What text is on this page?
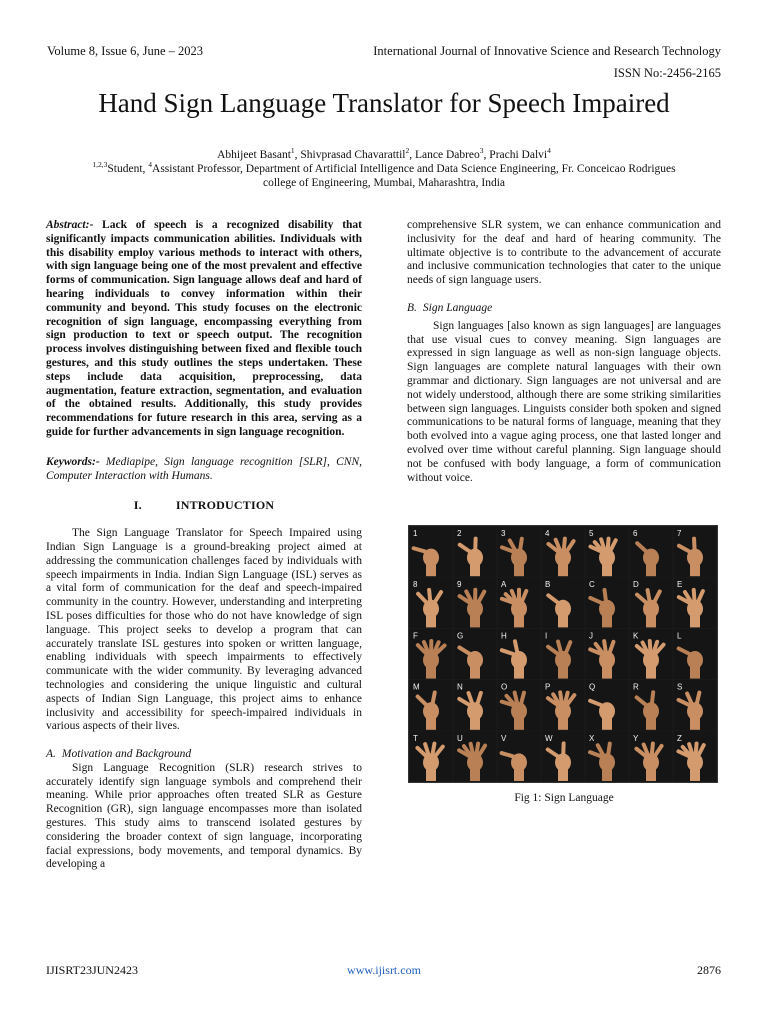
Volume 8, Issue 6, June – 2023	International Journal of Innovative Science and Research Technology
ISSN No:-2456-2165
Hand Sign Language Translator for Speech Impaired
Abhijeet Basant$^1$, Shivprasad Chavarattil$^2$, Lance Dabreo$^3$, Prachi Dalvi$^4$
$^{1,2,3}$Student, $^4$Assistant Professor, Department of Artificial Intelligence and Data Science Engineering, Fr. Conceicao Rodrigues
college of Engineering, Mumbai, Maharashtra, India

Abstract:- Lack of speech is a recognized disability that significantly impacts communication abilities. Individuals with this disability employ various methods to interact with others, with sign language being one of the most prevalent and effective forms of communication. Sign language allows deaf and hard of hearing individuals to convey information within their community and beyond. This study focuses on the electronic recognition of sign language, encompassing everything from sign production to text or speech output. The recognition process involves distinguishing between fixed and flexible touch gestures, and this study outlines the steps undertaken. These steps include data acquisition, preprocessing, data augmentation, feature extraction, segmentation, and evaluation of the obtained results. Additionally, this study provides recommendations for future research in this area, serving as a guide for further advancements in sign language recognition.

Keywords:- Mediapipe, Sign language recognition [SLR], CNN, Computer Interaction with Humans.

I.	INTRODUCTION

The Sign Language Translator for Speech Impaired using Indian Sign Language is a ground-breaking project aimed at addressing the communication challenges faced by individuals with speech impairments in India. Indian Sign Language (ISL) serves as a vital form of communication for the deaf and speech-impaired community in the country. However, understanding and interpreting ISL poses difficulties for those who do not have knowledge of sign language. This project seeks to develop a program that can accurately translate ISL gestures into spoken or written language, enabling individuals with speech impairments to effectively communicate with the wider community. By leveraging advanced technologies and considering the unique linguistic and cultural aspects of Indian Sign Language, this project aims to enhance inclusivity and accessibility for speech-impaired individuals in various aspects of their lives.

A. Motivation and Background

Sign Language Recognition (SLR) research strives to accurately identify sign language symbols and comprehend their meaning. While prior approaches often treated SLR as Gesture Recognition (GR), sign language encompasses more than isolated gestures. This study aims to transcend isolated gestures by considering the broader context of sign language, incorporating facial expressions, body movements, and temporal dynamics. By developing a

comprehensive SLR system, we can enhance communication and inclusivity for the deaf and hard of hearing community. The ultimate objective is to contribute to the advancement of accurate and inclusive communication technologies that cater to the unique needs of sign language users.

B. Sign Language

Sign languages [also known as sign languages] are languages that use visual cues to convey meaning. Sign languages are expressed in sign language as well as non-sign language objects. Sign languages are complete natural languages with their own grammar and dictionary. Sign languages are not universal and are not widely understood, although there are some striking similarities between sign languages. Linguists consider both spoken and signed communications to be natural forms of language, meaning that they both evolved into a vague aging process, one that lasted longer and evolved over time without careful planning. Sign language should not be confused with body language, a form of communication without voice.

1	2	3	4	5	6	7
8	9	A	B	C	D	E
F	G	H	I	J	K	L
M	N	O	P	Q	R	S
T	U	V	W	X	Y	Z
Fig 1: Sign Language
IJISRT23JUN2423	www.ijisrt.com	2876
